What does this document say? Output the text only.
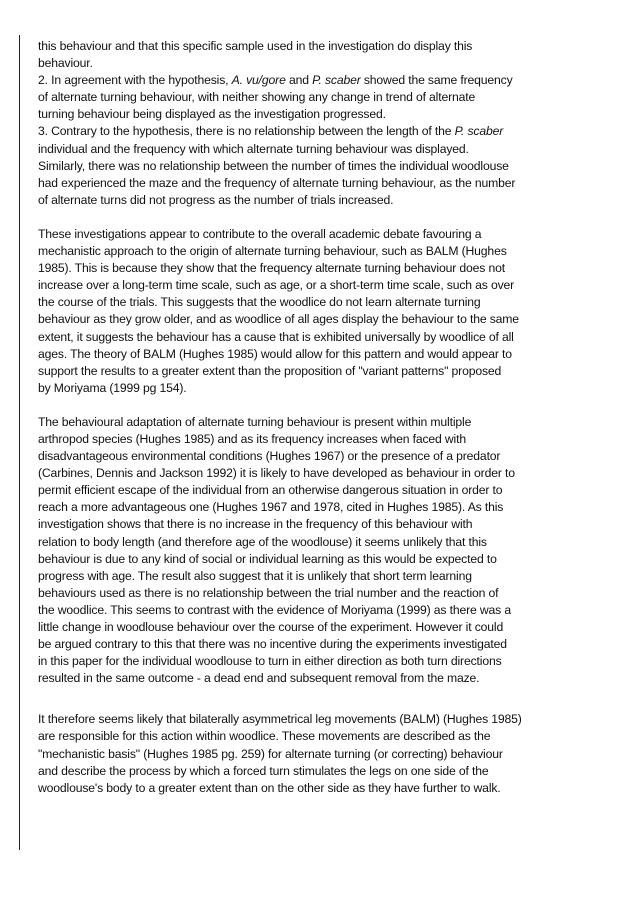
this behaviour and that this specific sample used in the investigation do display this
behaviour.
2. In agreement with the hypothesis, A. vu/gore and P. scaber showed the same frequency
of alternate turning behaviour, with neither showing any change in trend of alternate
turning behaviour being displayed as the investigation progressed.
3. Contrary to the hypothesis, there is no relationship between the length of the P. scaber
individual and the frequency with which alternate turning behaviour was displayed.
Similarly, there was no relationship between the number of times the individual woodlouse
had experienced the maze and the frequency of alternate turning behaviour, as the number
of alternate turns did not progress as the number of trials increased.

These investigations appear to contribute to the overall academic debate favouring a
mechanistic approach to the origin of alternate turning behaviour, such as BALM (Hughes
1985). This is because they show that the frequency alternate turning behaviour does not
increase over a long-term time scale, such as age, or a short-term time scale, such as over
the course of the trials. This suggests that the woodlice do not learn alternate turning
behaviour as they grow older, and as woodlice of all ages display the behaviour to the same
extent, it suggests the behaviour has a cause that is exhibited universally by woodlice of all
ages. The theory of BALM (Hughes 1985) would allow for this pattern and would appear to
support the results to a greater extent than the proposition of "variant patterns" proposed
by Moriyama (1999 pg 154).

The behavioural adaptation of alternate turning behaviour is present within multiple
arthropod species (Hughes 1985) and as its frequency increases when faced with
disadvantageous environmental conditions (Hughes 1967) or the presence of a predator
(Carbines, Dennis and Jackson 1992) it is likely to have developed as behaviour in order to
permit efficient escape of the individual from an otherwise dangerous situation in order to
reach a more advantageous one (Hughes 1967 and 1978, cited in Hughes 1985). As this
investigation shows that there is no increase in the frequency of this behaviour with
relation to body length (and therefore age of the woodlouse) it seems unlikely that this
behaviour is due to any kind of social or individual learning as this would be expected to
progress with age. The result also suggest that it is unlikely that short term learning
behaviours used as there is no relationship between the trial number and the reaction of
the woodlice. This seems to contrast with the evidence of Moriyama (1999) as there was a
little change in woodlouse behaviour over the course of the experiment. However it could
be argued contrary to this that there was no incentive during the experiments investigated
in this paper for the individual woodlouse to turn in either direction as both turn directions
resulted in the same outcome - a dead end and subsequent removal from the maze.

It therefore seems likely that bilaterally asymmetrical leg movements (BALM) (Hughes 1985)
are responsible for this action within woodlice. These movements are described as the
"mechanistic basis" (Hughes 1985 pg. 259) for alternate turning (or correcting) behaviour
and describe the process by which a forced turn stimulates the legs on one side of the
woodlouse's body to a greater extent than on the other side as they have further to walk.
